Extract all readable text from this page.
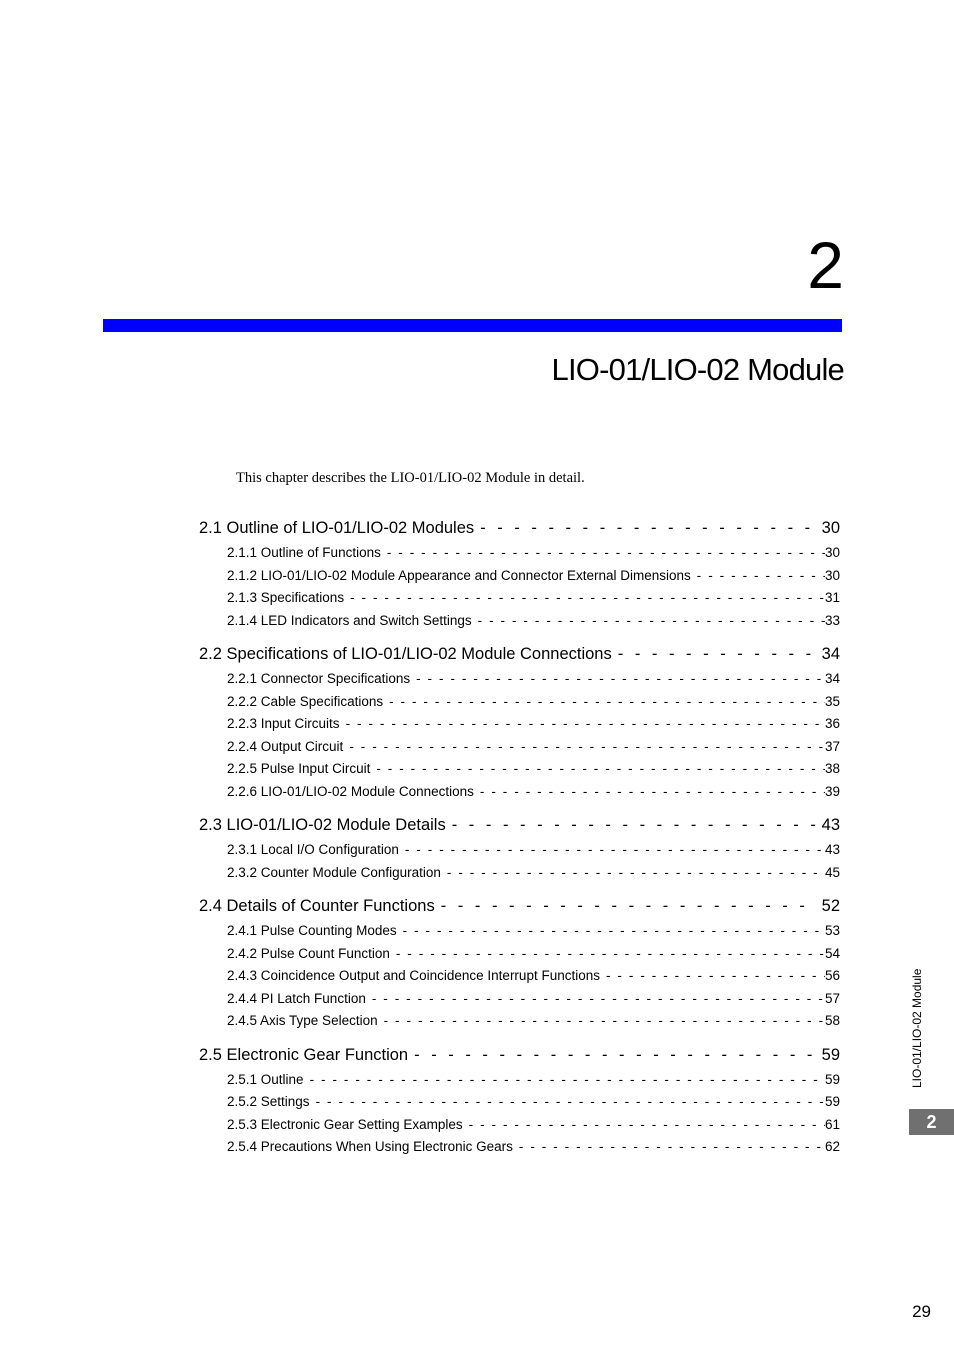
2
LIO-01/LIO-02 Module
This chapter describes the LIO-01/LIO-02 Module in detail.
2.1 Outline of LIO-01/LIO-02 Modules - - -	30
2.1.1 Outline of Functions - - -	30
2.1.2 LIO-01/LIO-02 Module Appearance and Connector External Dimensions - - -	30
2.1.3 Specifications - - -	31
2.1.4 LED Indicators and Switch Settings - - -	33
2.2 Specifications of LIO-01/LIO-02 Module Connections - - -	34
2.2.1 Connector Specifications - - -	34
2.2.2 Cable Specifications - - -	35
2.2.3 Input Circuits - - -	36
2.2.4 Output Circuit - - -	37
2.2.5 Pulse Input Circuit - - -	38
2.2.6 LIO-01/LIO-02 Module Connections - - -	39
2.3 LIO-01/LIO-02 Module Details - - -	43
2.3.1 Local I/O Configuration - - -	43
2.3.2 Counter Module Configuration - - -	45
2.4 Details of Counter Functions - - -	52
2.4.1 Pulse Counting Modes - - -	53
2.4.2 Pulse Count Function - - -	54
2.4.3 Coincidence Output and Coincidence Interrupt Functions - - -	56
2.4.4 PI Latch Function - - -	57
2.4.5 Axis Type Selection - - -	58
2.5 Electronic Gear Function - - -	59
2.5.1 Outline - - -	59
2.5.2 Settings - - -	59
2.5.3 Electronic Gear Setting Examples - - -	61
2.5.4 Precautions When Using Electronic Gears - - -	62
LIO-01/LIO-02 Module
2
29
